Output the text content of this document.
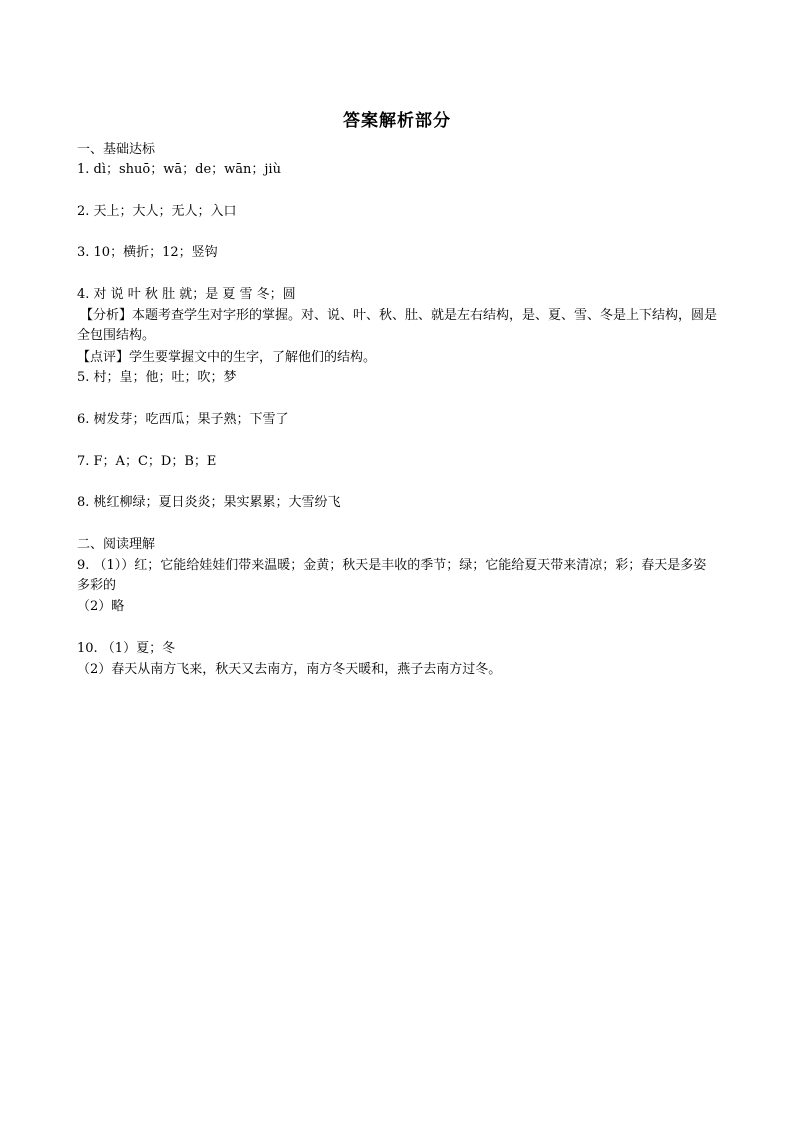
答案解析部分
一、基础达标
1. dì；shuō；wā；de；wān；jiù
2. 天上；大人；无人；入口
3. 10；横折；12；竖钩
4. 对 说 叶 秋 肚 就；是 夏 雪 冬；圆
【分析】本题考查学生对字形的掌握。对、说、叶、秋、肚、就是左右结构，是、夏、雪、冬是上下结构，圆是全包围结构。
【点评】学生要掌握文中的生字，了解他们的结构。
5. 村；皇；他；吐；吹；梦
6. 树发芽；吃西瓜；果子熟；下雪了
7. F；A；C；D；B；E
8. 桃红柳绿；夏日炎炎；果实累累；大雪纷飞
二、阅读理解
9. （1））红；它能给娃娃们带来温暖；金黄；秋天是丰收的季节；绿；它能给夏天带来清凉；彩；春天是多姿多彩的
（2）略
10. （1）夏；冬
（2）春天从南方飞来，秋天又去南方，南方冬天暖和，燕子去南方过冬。
